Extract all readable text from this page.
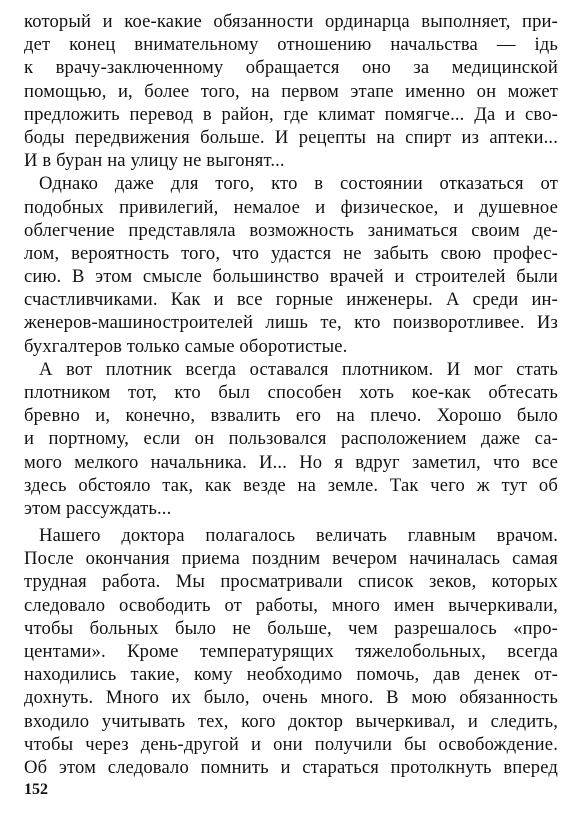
который и кое-какие обязанности ординарца выполняет, при-
дет конец внимательному отношению начальства — ідь
к врачу-заключенному обращается оно за медицинской
помощью, и, более того, на первом этапе именно он может
предложить перевод в район, где климат помягче... Да и сво-
боды передвижения больше. И рецепты на спирт из аптеки...
И в буран на улицу не выгонят...
Однако даже для того, кто в состоянии отказаться от
подобных привилегий, немалое и физическое, и душевное
облегчение представляла возможность заниматься своим де-
лом, вероятность того, что удастся не забыть свою профес-
сию. В этом смысле большинство врачей и строителей были
счастливчиками. Как и все горные инженеры. А среди ин-
женеров-машиностроителей лишь те, кто поизворотливее. Из
бухгалтеров только самые оборотистые.
А вот плотник всегда оставался плотником. И мог стать
плотником тот, кто был способен хоть кое-как обтесать
бревно и, конечно, взвалить его на плечо. Хорошо было
и портному, если он пользовался расположением даже са-
мого мелкого начальника. И... Но я вдруг заметил, что все
здесь обстояло так, как везде на земле. Так чего ж тут об
этом рассуждать...
Нашего доктора полагалось величать главным врачом.
После окончания приема поздним вечером начиналась самая
трудная работа. Мы просматривали список зеков, которых
следовало освободить от работы, много имен вычеркивали,
чтобы больных было не больше, чем разрешалось «про-
центами». Кроме температурящих тяжелобольных, всегда
находились такие, кому необходимо помочь, дав денек от-
дохнуть. Много их было, очень много. В мою обязанность
входило учитывать тех, кого доктор вычеркивал, и следить,
чтобы через день-другой и они получили бы освобождение.
Об этом следовало помнить и стараться протолкнуть вперед
152
